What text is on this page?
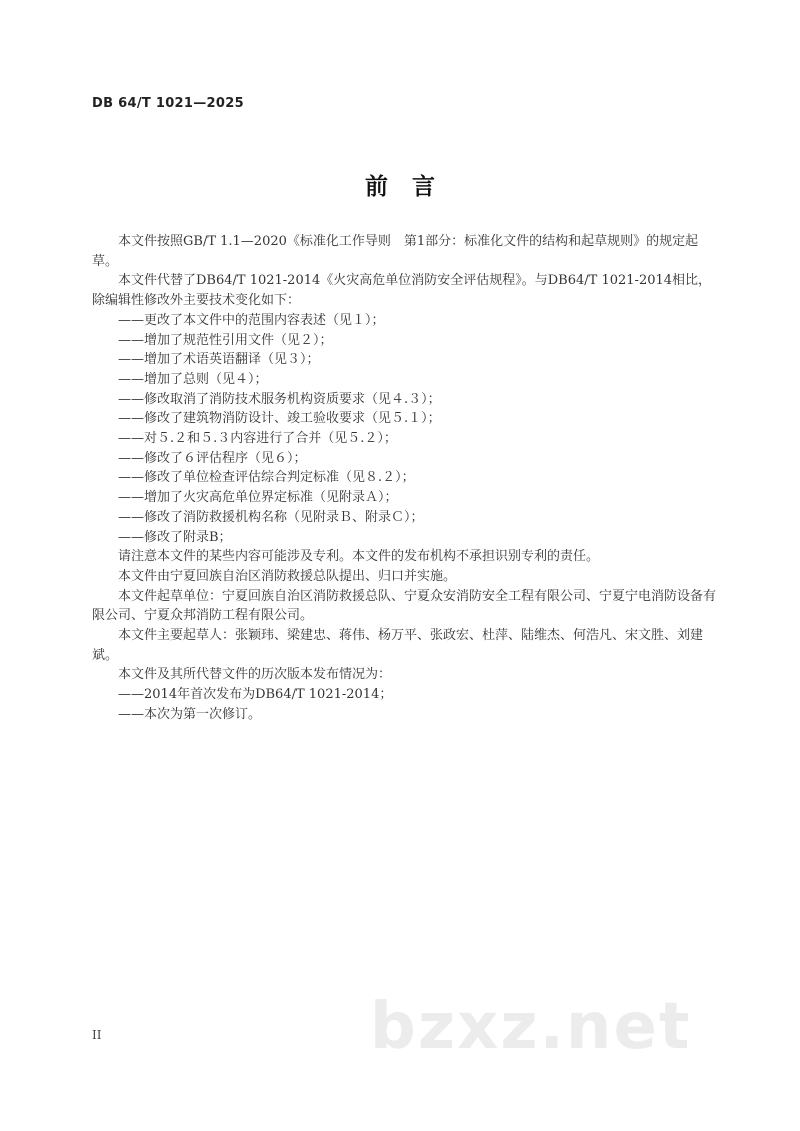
DB 64/T 1021—2025
前言

本文件按照GB/T 1.1—2020《标准化工作导则　第1部分：标准化文件的结构和起草规则》的规定起草。

本文件代替了DB64/T 1021-2014《火灾高危单位消防安全评估规程》。与DB64/T 1021-2014相比，除编辑性修改外主要技术变化如下：

——更改了本文件中的范围内容表述（见１）；

——增加了规范性引用文件（见２）；

——增加了术语英语翻译（见３）；

——增加了总则（见４）；

——修改取消了消防技术服务机构资质要求（见４.３）；

——修改了建筑物消防设计、竣工验收要求（见５.１）；

——对５.２和５.３内容进行了合并（见５.２）；

——修改了６评估程序（见６）；

——修改了单位检查评估综合判定标准（见８.２）；

——增加了火灾高危单位界定标准（见附录Ａ）；

——修改了消防救援机构名称（见附录Ｂ、附录Ｃ）；

——修改了附录B；

请注意本文件的某些内容可能涉及专利。本文件的发布机构不承担识别专利的责任。

本文件由宁夏回族自治区消防救援总队提出、归口并实施。

本文件起草单位：宁夏回族自治区消防救援总队、宁夏众安消防安全工程有限公司、宁夏宁电消防设备有限公司、宁夏众邦消防工程有限公司。

本文件主要起草人：张颖玮、梁建忠、蒋伟、杨万平、张政宏、杜萍、陆维杰、何浩凡、宋文胜、刘建斌。

本文件及其所代替文件的历次版本发布情况为：

——2014年首次发布为DB64/T 1021-2014；

——本次为第一次修订。

II	bzxz.net
